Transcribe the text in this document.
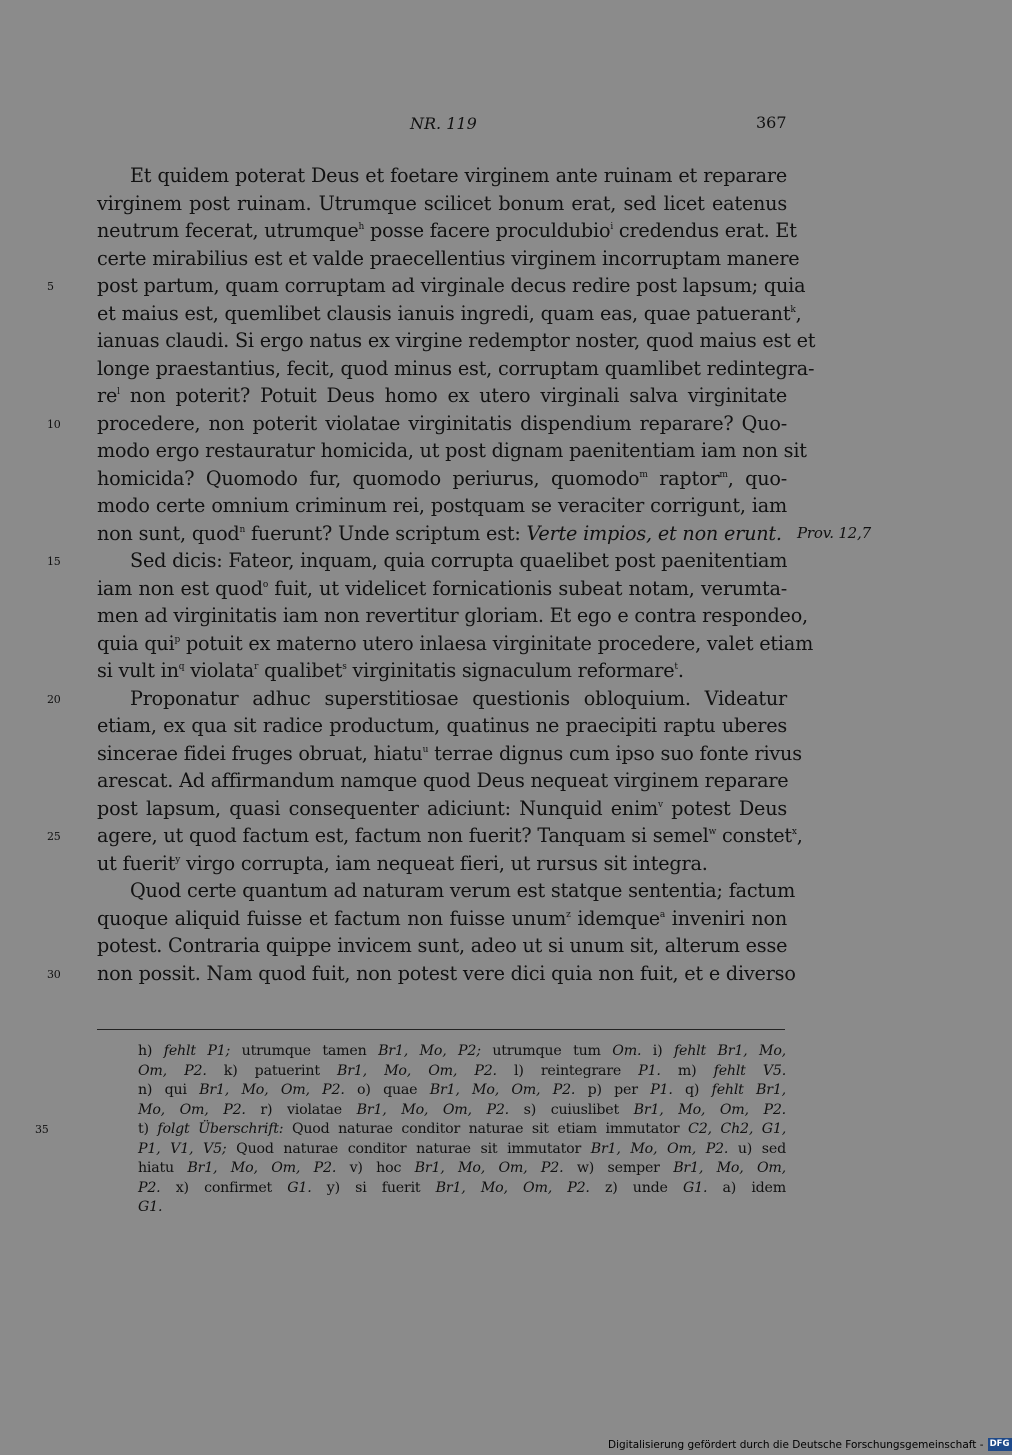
NR. 119	367
Et quidem poterat Deus et foetare virginem ante ruinam et reparare
virginem post ruinam. Utrumque scilicet bonum erat, sed licet eatenus
neutrum fecerat, utrumque$^h$ posse facere proculdubio$^i$ credendus erat. Et
certe mirabilius est et valde praecellentius virginem incorruptam manere
5 post partum, quam corruptam ad virginale decus redire post lapsum; quia
et maius est, quemlibet clausis ianuis ingredi, quam eas, quae patuerant$^k$,
ianuas claudi. Si ergo natus ex virgine redemptor noster, quod maius est et
longe praestantius, fecit, quod minus est, corruptam quamlibet redintegra-
$re^l$ non poterit? Potuit Deus homo ex utero virginali salva virginitate
10 procedere, non poterit violatae virginitatis dispendium reparare? Quo-
modo ergo restauratur homicida, ut post dignam paenitentiam iam non sit
homicida? Quomodo fur, quomodo periurus, quomodo$^m$ raptor$^m$, quo-
modo certe omnium criminum rei, postquam se veraciter corrigunt, iam
non sunt, quod$^n$ fuerunt? Unde scriptum est: Verte impios, et non erunt. Prov. 12,7
15	Sed dicis: Fateor, inquam, quia corrupta quaelibet post paenitentiam
iam non est quod$^o$ fuit, ut videlicet fornicationis subeat notam, verumta-
men ad virginitatis iam non revertitur gloriam. Et ego e contra respondeo,
quia qui$^p$ potuit ex materno utero inlaesa virginitate procedere, valet etiam
si vult $in^q$ violata$^r$ qualibet$^s$ virginitatis signaculum reformare$^t$.
20	Proponatur adhuc superstitiosae questionis obloquium. Videatur
etiam, ex qua sit radice productum, quatinus ne praecipiti raptu uberes
sincerae fidei fruges obruat, hiatu$^u$ terrae dignus cum ipso suo fonte rivus
arescat. Ad affirmandum namque quod Deus nequeat virginem reparare
post lapsum, quasi consequenter adiciunt: Nunquid enim$^v$ potest Deus
25 agere, ut quod factum est, factum non fuerit? Tanquam si semel$^w$ constet$^x$,
ut fuerit$^y$ virgo corrupta, iam nequeat fieri, ut rursus sit integra.
Quod certe quantum ad naturam verum est statque sententia; factum
quoque aliquid fuisse et factum non fuisse unum$^z$ idemque$^a$ inveniri non
potest. Contraria quippe invicem sunt, adeo ut si unum sit, alterum esse
30 non possit. Nam quod fuit, non potest vere dici quia non fuit, et e diverso
h) fehlt P1; utrumque tamen Br1, Mo, P2; utrumque tum Om. i) fehlt Br1, Mo,
Om, P2. k) patuerint Br1, Mo, Om, P2. l) reintegrare P1. m) fehlt V5.
n) qui Br1, Mo, Om, P2. o) quae Br1, Mo, Om, P2. p) per P1. q) fehlt Br1,
Mo, Om, P2. r) violatae Br1, Mo, Om, P2. s) cuiuslibet Br1, Mo, Om, P2.
35	t) folgt Überschrift: Quod naturae conditor naturae sit etiam immutator C2, Ch2, G1,
P1, V1, V5; Quod naturae conditor naturae sit immutator Br1, Mo, Om, P2. u) sed
hiatu Br1, Mo, Om, P2. v) hoc Br1, Mo, Om, P2. w) semper Br1, Mo, Om,
P2. x) confirmet G1. y) si fuerit Br1, Mo, Om, P2. z) unde G1. a) idem
G1.
Digitalisierung gefördert durch die Deutsche Forschungsgemeinschaft - DFG
